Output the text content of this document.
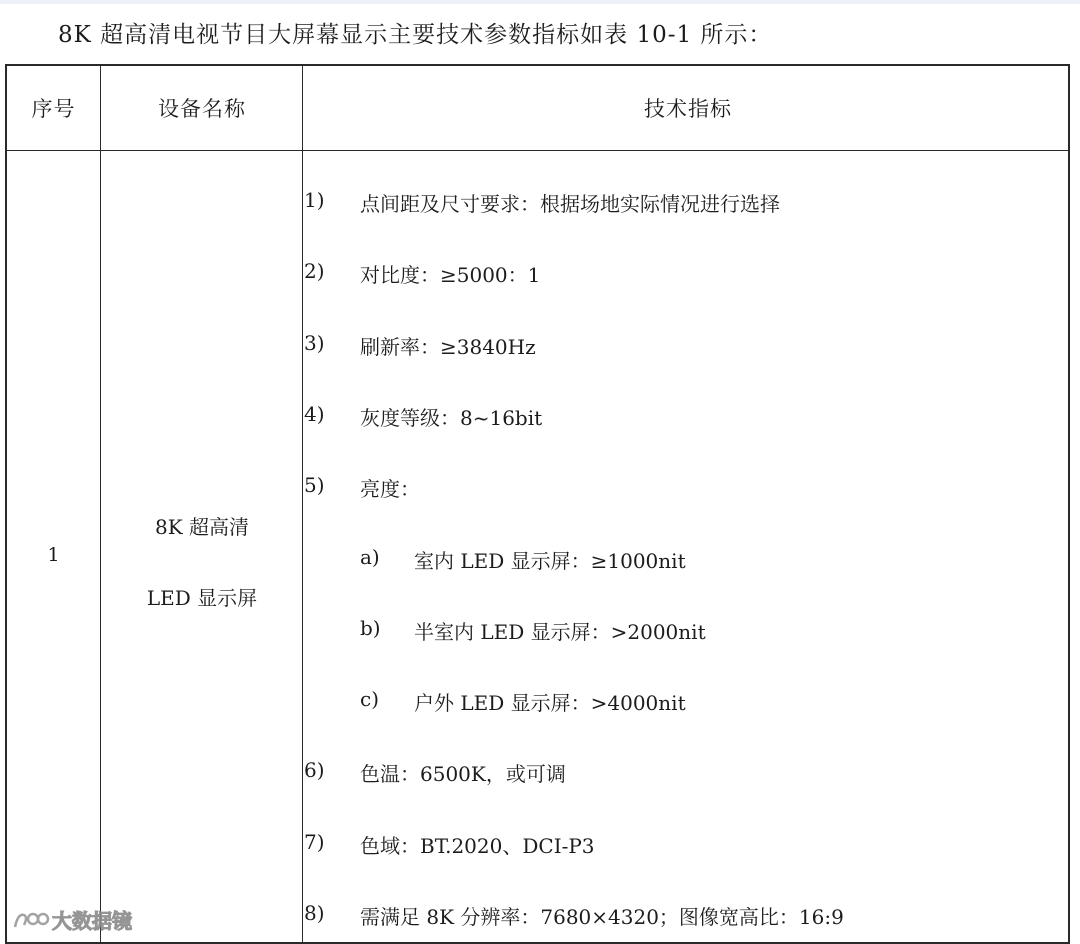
8K 超高清电视节目大屏幕显示主要技术参数指标如表 10-1 所示：
序号	设备名称	技术指标
1
8K 超高清
LED 显示屏
1) 点间距及尺寸要求：根据场地实际情况进行选择
2) 对比度：≥5000：1
3) 刷新率：≥3840Hz
4) 灰度等级：8~16bit
5) 亮度：
a) 室内 LED 显示屏：≥1000nit
b) 半室内 LED 显示屏：>2000nit
c) 户外 LED 显示屏：>4000nit
6) 色温：6500K，或可调
7) 色域：BT.2020、DCI-P3
8) 需满足 8K 分辨率：7680×4320；图像宽高比：16:9
大数据镜
